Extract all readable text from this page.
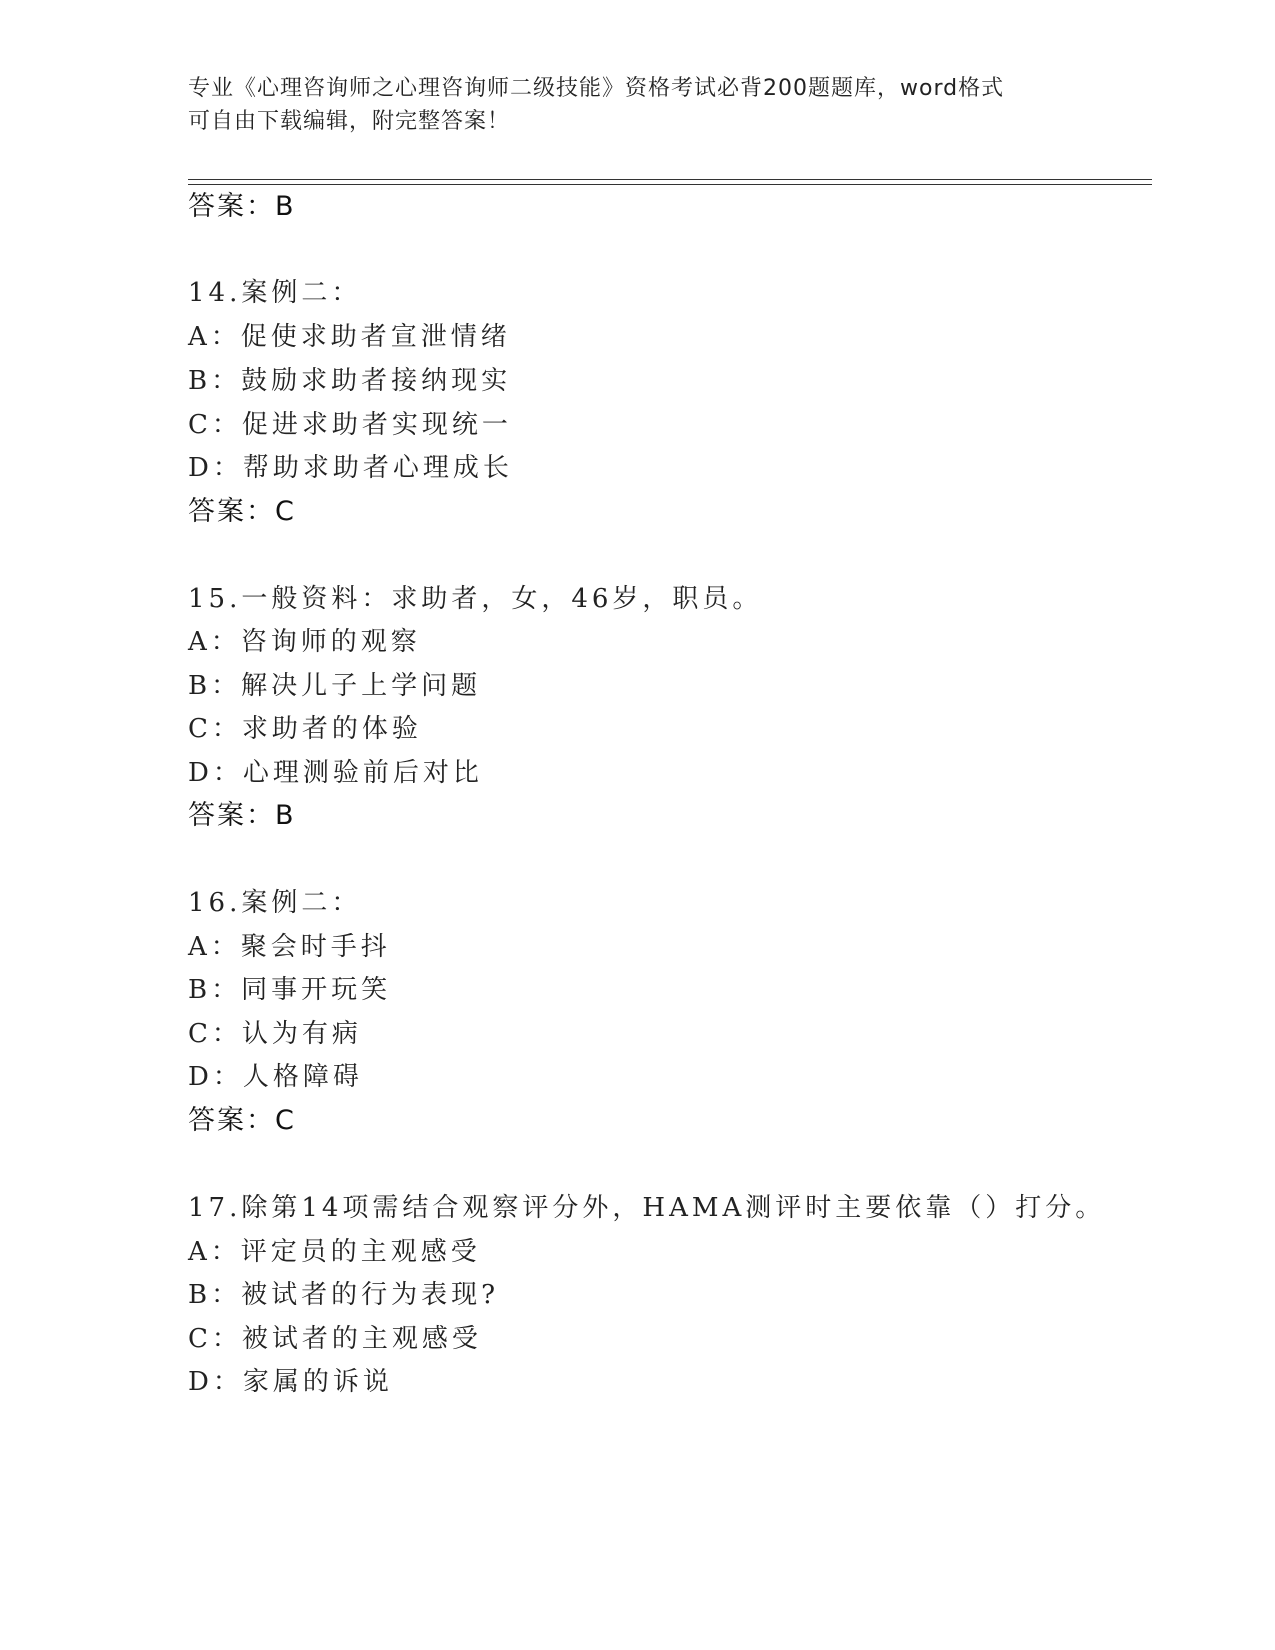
专业《心理咨询师之心理咨询师二级技能》资格考试必背200题题库，word格式
可自由下载编辑，附完整答案！
答案：B
14.案例二：
A：促使求助者宣泄情绪
B：鼓励求助者接纳现实
C：促进求助者实现统一
D：帮助求助者心理成长
答案：C
15.一般资料：求助者，女，46岁，职员。
A：咨询师的观察
B：解决儿子上学问题
C：求助者的体验
D：心理测验前后对比
答案：B
16.案例二：
A：聚会时手抖
B：同事开玩笑
C：认为有病
D：人格障碍
答案：C
17.除第14项需结合观察评分外，HAMA测评时主要依靠（）打分。
A：评定员的主观感受
B：被试者的行为表现?
C：被试者的主观感受
D：家属的诉说
